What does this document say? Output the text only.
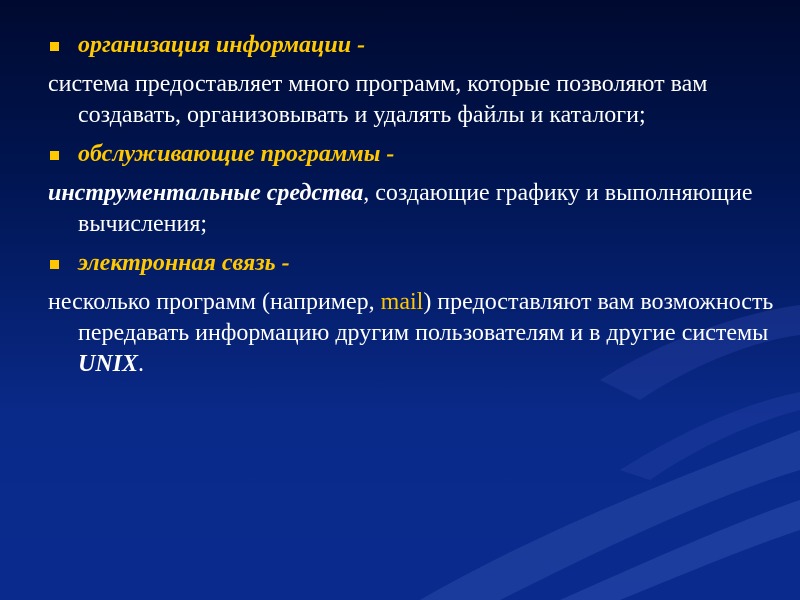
организация информации -
система предоставляет много программ, которые позволяют вам создавать, организовывать и удалять файлы и каталоги;
обслуживающие программы -
инструментальные средства, создающие графику и выполняющие вычисления;
электронная связь -
несколько программ (например, mail) предоставляют вам возможность передавать информацию другим пользователям и в другие системы UNIX.
